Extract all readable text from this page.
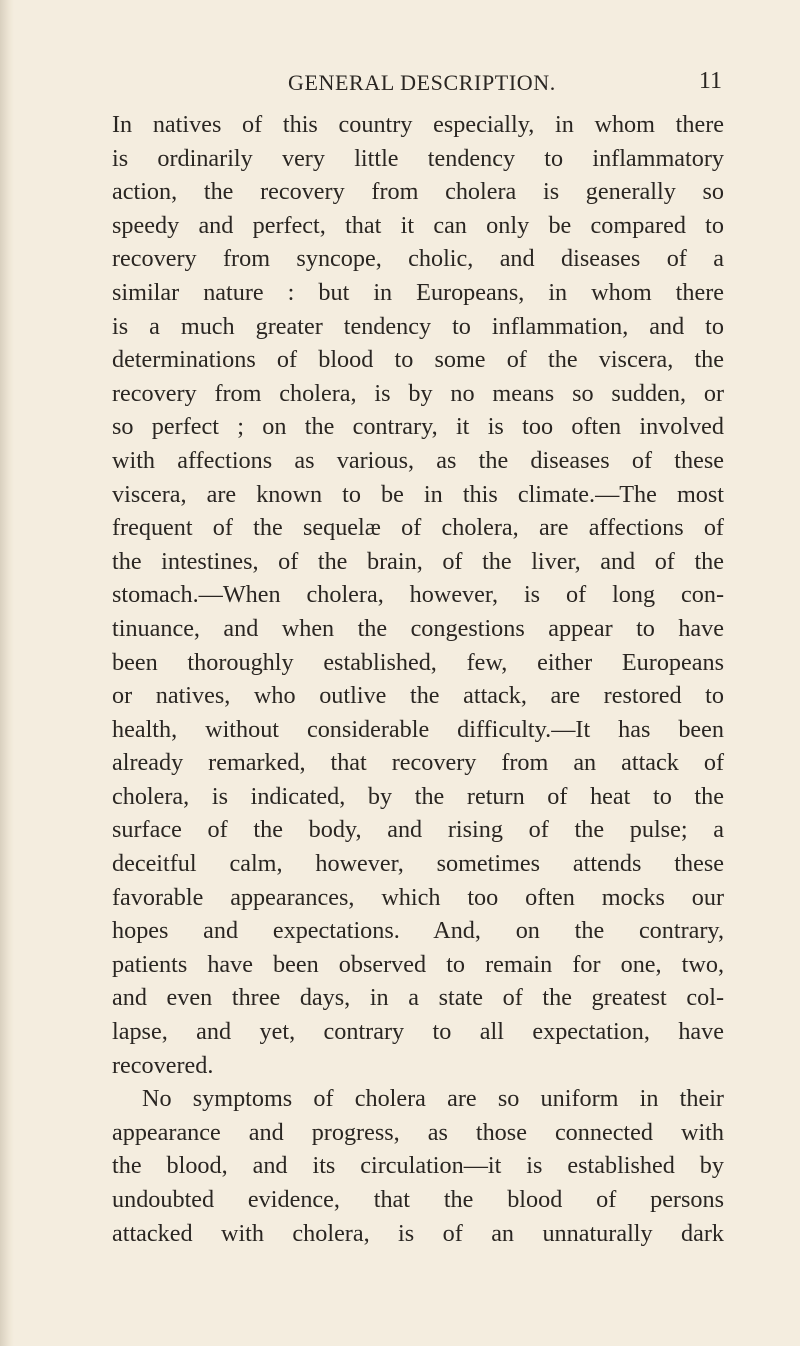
GENERAL DESCRIPTION.	11
In natives of this country especially, in whom there
is ordinarily very little tendency to inflammatory
action, the recovery from cholera is generally so
speedy and perfect, that it can only be compared to
recovery from syncope, cholic, and diseases of a
similar nature : but in Europeans, in whom there
is a much greater tendency to inflammation, and to
determinations of blood to some of the viscera, the
recovery from cholera, is by no means so sudden, or
so perfect ; on the contrary, it is too often involved
with affections as various, as the diseases of these
viscera, are known to be in this climate.—The most
frequent of the sequelæ of cholera, are affections of
the intestines, of the brain, of the liver, and of the
stomach.—When cholera, however, is of long con-
tinuance, and when the congestions appear to have
been thoroughly established, few, either Europeans
or natives, who outlive the attack, are restored to
health, without considerable difficulty.—It has been
already remarked, that recovery from an attack of
cholera, is indicated, by the return of heat to the
surface of the body, and rising of the pulse; a
deceitful calm, however, sometimes attends these
favorable appearances, which too often mocks our
hopes and expectations. And, on the contrary,
patients have been observed to remain for one, two,
and even three days, in a state of the greatest col-
lapse, and yet, contrary to all expectation, have
recovered.
No symptoms of cholera are so uniform in their
appearance and progress, as those connected with
the blood, and its circulation—it is established by
undoubted evidence, that the blood of persons
attacked with cholera, is of an unnaturally dark
